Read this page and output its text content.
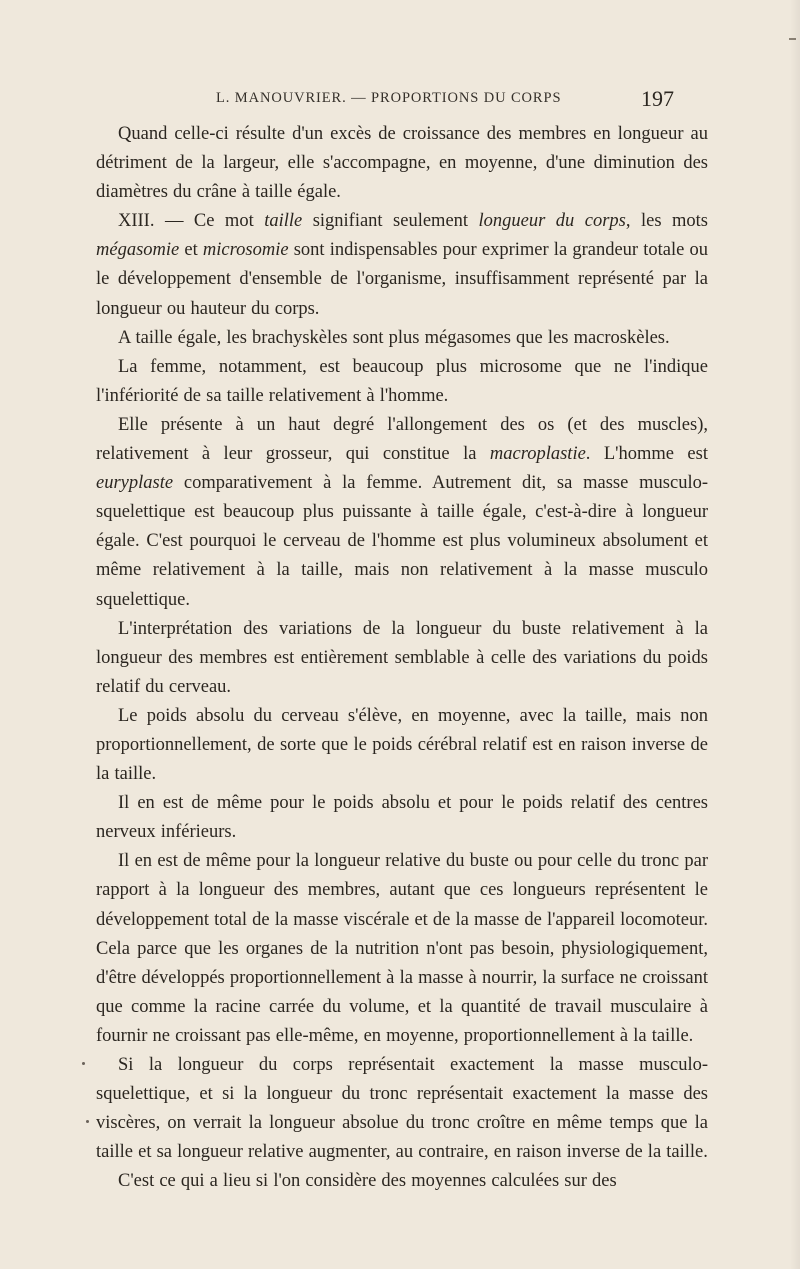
L. MANOUVRIER. — PROPORTIONS DU CORPS	197

Quand celle-ci résulte d'un excès de croissance des membres en longueur au détriment de la largeur, elle s'accompagne, en moyenne, d'une diminution des diamètres du crâne à taille égale.

XIII. — Ce mot taille signifiant seulement longueur du corps, les mots mégasomie et microsomie sont indispensables pour exprimer la grandeur totale ou le développement d'ensemble de l'organisme, insuffisamment représenté par la longueur ou hauteur du corps.

A taille égale, les brachyskèles sont plus mégasomes que les macroskèles.

La femme, notamment, est beaucoup plus microsome que ne l'indique l'infériorité de sa taille relativement à l'homme.

Elle présente à un haut degré l'allongement des os (et des muscles), relativement à leur grosseur, qui constitue la macroplastie. L'homme est euryplaste comparativement à la femme. Autrement dit, sa masse musculo-squelettique est beaucoup plus puissante à taille égale, c'est-à-dire à longueur égale. C'est pourquoi le cerveau de l'homme est plus volumineux absolument et même relativement à la taille, mais non relativement à la masse musculo squelettique.

L'interprétation des variations de la longueur du buste relativement à la longueur des membres est entièrement semblable à celle des variations du poids relatif du cerveau.

Le poids absolu du cerveau s'élève, en moyenne, avec la taille, mais non proportionnellement, de sorte que le poids cérébral relatif est en raison inverse de la taille.

Il en est de même pour le poids absolu et pour le poids relatif des centres nerveux inférieurs.

Il en est de même pour la longueur relative du buste ou pour celle du tronc par rapport à la longueur des membres, autant que ces longueurs représentent le développement total de la masse viscérale et de la masse de l'appareil locomoteur. Cela parce que les organes de la nutrition n'ont pas besoin, physiologiquement, d'être développés proportionnellement à la masse à nourrir, la surface ne croissant que comme la racine carrée du volume, et la quantité de travail musculaire à fournir ne croissant pas elle-même, en moyenne, proportionnellement à la taille.

Si la longueur du corps représentait exactement la masse musculo-squelettique, et si la longueur du tronc représentait exactement la masse des viscères, on verrait la longueur absolue du tronc croître en même temps que la taille et sa longueur relative augmenter, au contraire, en raison inverse de la taille.

C'est ce qui a lieu si l'on considère des moyennes calculées sur des
